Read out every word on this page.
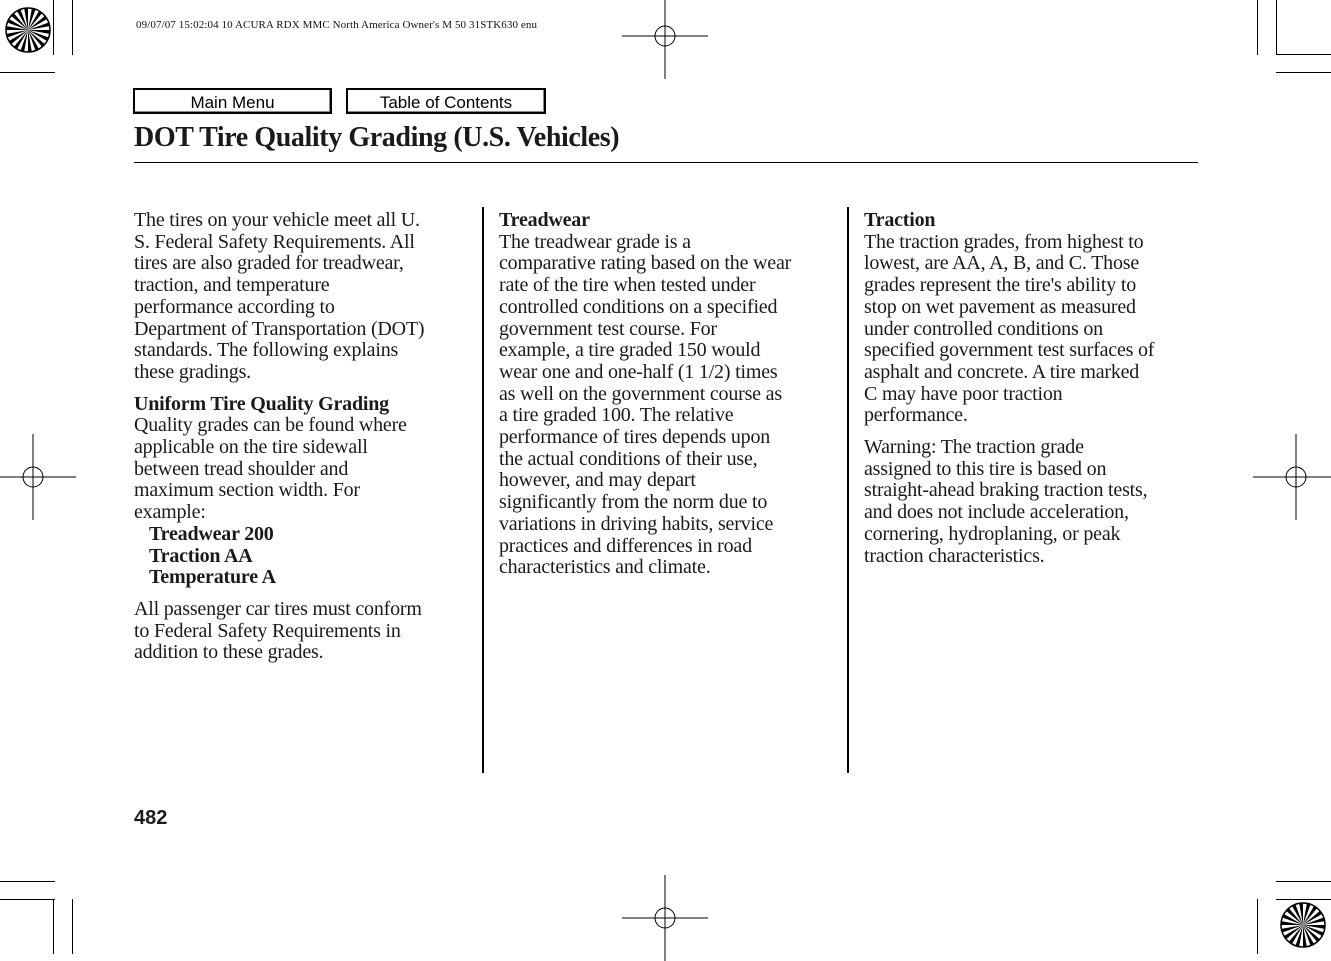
09/07/07 15:02:04 10 ACURA RDX MMC North America Owner's M 50 31STK630 enu
Main Menu	Table of Contents
DOT Tire Quality Grading (U.S. Vehicles)

The tires on your vehicle meet all U.
S. Federal Safety Requirements. All
tires are also graded for treadwear,
traction, and temperature
performance according to
Department of Transportation (DOT)
standards. The following explains
these gradings.

Uniform Tire Quality Grading

Quality grades can be found where
applicable on the tire sidewall
between tread shoulder and
maximum section width. For
example:

Treadwear 200

Traction AA

Temperature A

All passenger car tires must conform
to Federal Safety Requirements in
addition to these grades.

Treadwear

The treadwear grade is a
comparative rating based on the wear
rate of the tire when tested under
controlled conditions on a specified
government test course. For
example, a tire graded 150 would
wear one and one-half (1 1/2) times
as well on the government course as
a tire graded 100. The relative
performance of tires depends upon
the actual conditions of their use,
however, and may depart
significantly from the norm due to
variations in driving habits, service
practices and differences in road
characteristics and climate.

Traction

The traction grades, from highest to
lowest, are AA, A, B, and C. Those
grades represent the tire's ability to
stop on wet pavement as measured
under controlled conditions on
specified government test surfaces of
asphalt and concrete. A tire marked
C may have poor traction
performance.

Warning: The traction grade
assigned to this tire is based on
straight-ahead braking traction tests,
and does not include acceleration,
cornering, hydroplaning, or peak
traction characteristics.

482
